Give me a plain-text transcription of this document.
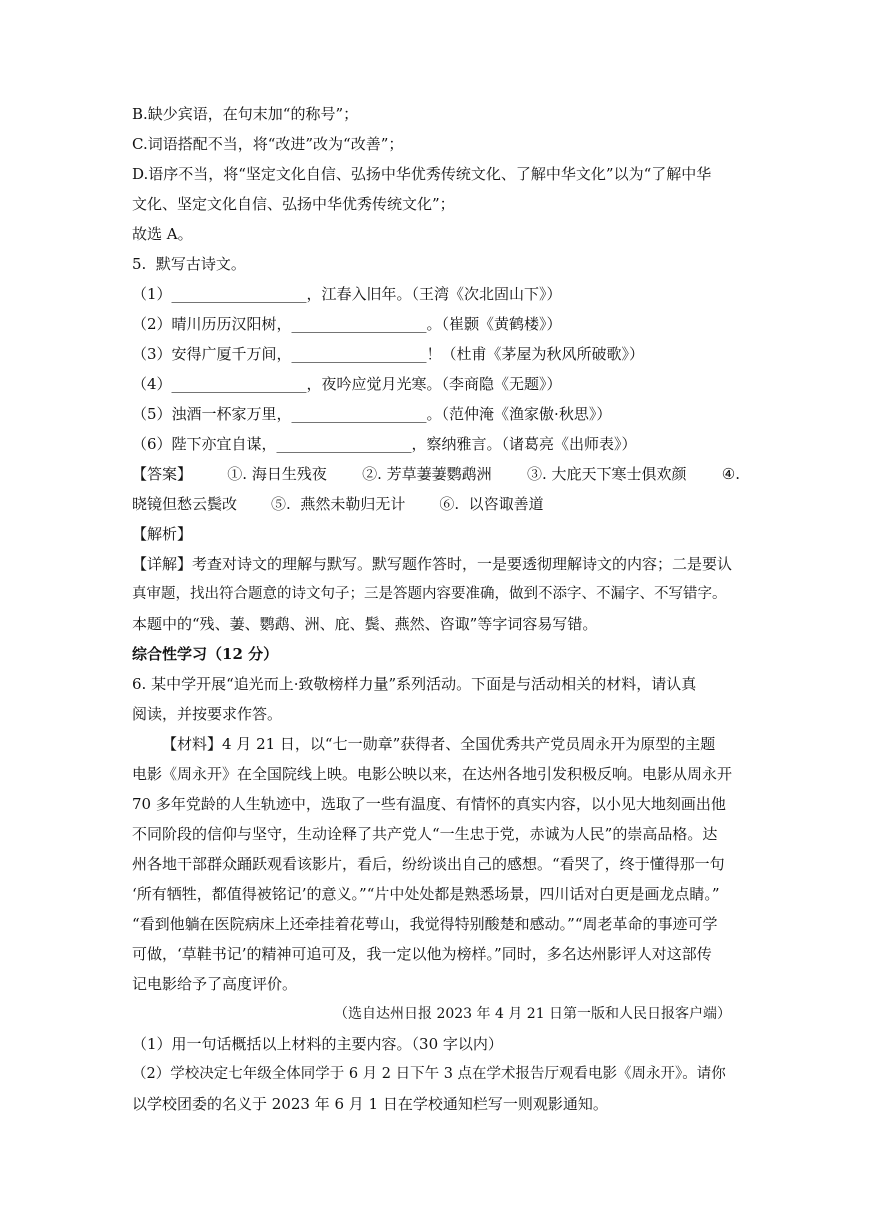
B.缺少宾语，在句末加“的称号”；
C.词语搭配不当，将“改进”改为“改善”；
D.语序不当，将“坚定文化自信、弘扬中华优秀传统文化、了解中华文化”以为“了解中华
文化、坚定文化自信、弘扬中华优秀传统文化”；
故选 A。
5.  默写古诗文。
（1）__________________，江春入旧年。（王湾《次北固山下》）
（2）晴川历历汉阳树，__________________。（崔颢《黄鹤楼》）
（3）安得广厦千万间，__________________！（杜甫《茅屋为秋风所破歌》）
（4）__________________，夜吟应觉月光寒。（李商隐《无题》）
（5）浊酒一杯家万里，__________________。（范仲淹《渔家傲·秋思》）
（6）陛下亦宜自谋，__________________，察纳雅言。（诸葛亮《出师表》）
【答案】 ①. 海日生残夜 ②. 芳草萋萋鹦鹉洲 ③. 大庇天下寒士俱欢颜 ④.
晓镜但愁云鬓改 ⑤.  燕然未勒归无计 ⑥.  以咨诹善道
【解析】
【详解】考查对诗文的理解与默写。默写题作答时，一是要透彻理解诗文的内容；二是要认
真审题，找出符合题意的诗文句子；三是答题内容要准确，做到不添字、不漏字、不写错字。
本题中的“残、萋、鹦鹉、洲、庇、鬓、燕然、咨诹”等字词容易写错。
综合性学习（12 分）
6. 某中学开展“追光而上·致敬榜样力量”系列活动。下面是与活动相关的材料，请认真
阅读，并按要求作答。
【材料】4 月 21 日，以“七一勋章”获得者、全国优秀共产党员周永开为原型的主题
电影《周永开》在全国院线上映。电影公映以来，在达州各地引发积极反响。电影从周永开
70 多年党龄的人生轨迹中，选取了一些有温度、有情怀的真实内容，以小见大地刻画出他
不同阶段的信仰与坚守，生动诠释了共产党人“一生忠于党，赤诚为人民”的崇高品格。达
州各地干部群众踊跃观看该影片，看后，纷纷谈出自己的感想。“看哭了，终于懂得那一句
‘所有牺牲，都值得被铭记’的意义。”“片中处处都是熟悉场景，四川话对白更是画龙点睛。”
“看到他躺在医院病床上还牵挂着花萼山，我觉得特别酸楚和感动。”“周老革命的事迹可学
可做，‘草鞋书记’的精神可追可及，我一定以他为榜样。”同时，多名达州影评人对这部传
记电影给予了高度评价。
（选自达州日报 2023 年 4 月 21 日第一版和人民日报客户端）
（1）用一句话概括以上材料的主要内容。（30 字以内）
（2）学校决定七年级全体同学于 6 月 2 日下午 3 点在学术报告厅观看电影《周永开》。请你
以学校团委的名义于 2023 年 6 月 1 日在学校通知栏写一则观影通知。
